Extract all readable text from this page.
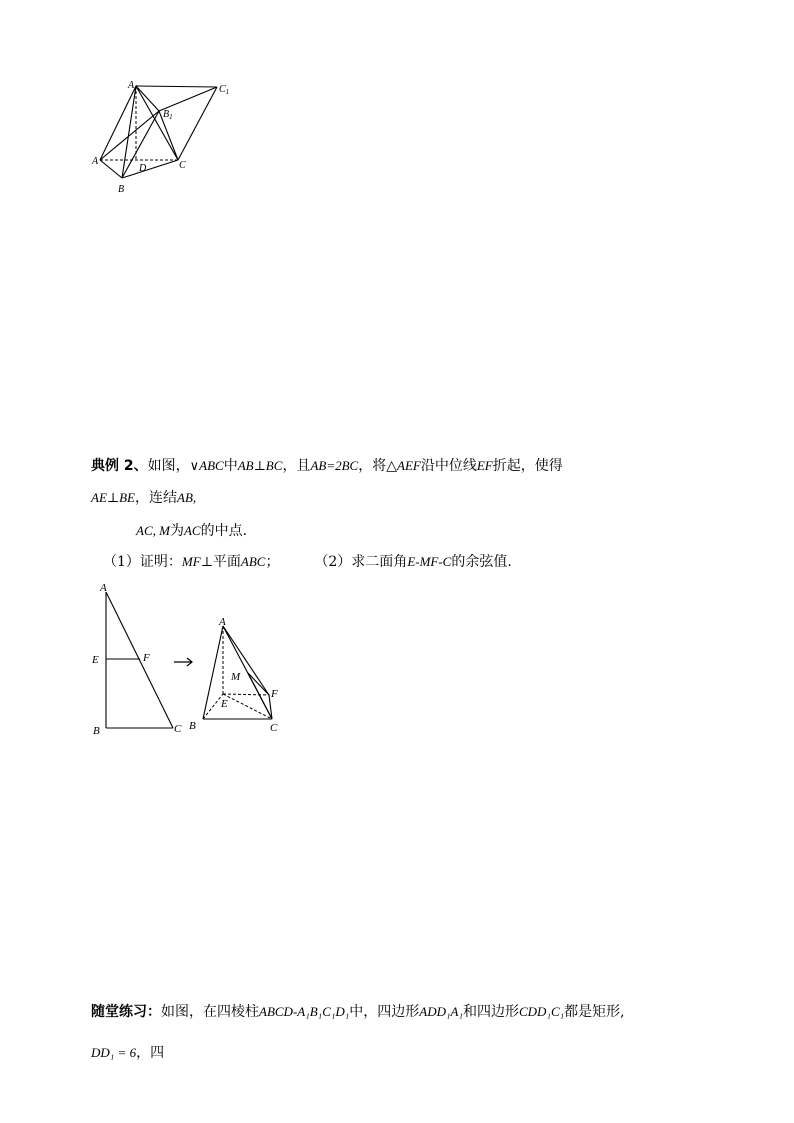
$A_1$	$C_1$
$B_1$
A
D	C
B
典例 2、如图，∨ABC中AB⊥BC，且AB=2BC，将△AEF沿中位线EF折起，使得
AE⊥BE，连结AB,
AC, M为AC的中点.
（1）证明：MF⊥平面ABC； （2）求二面角E-MF-C的余弦值.
A
E	F
B	C
A
M
F
E
B	C
随堂练习：如图，在四棱柱ABCD-A₁B₁C₁D₁中，四边形ADD₁A₁和四边形CDD₁C₁都是矩形,
DD₁ = 6，四
